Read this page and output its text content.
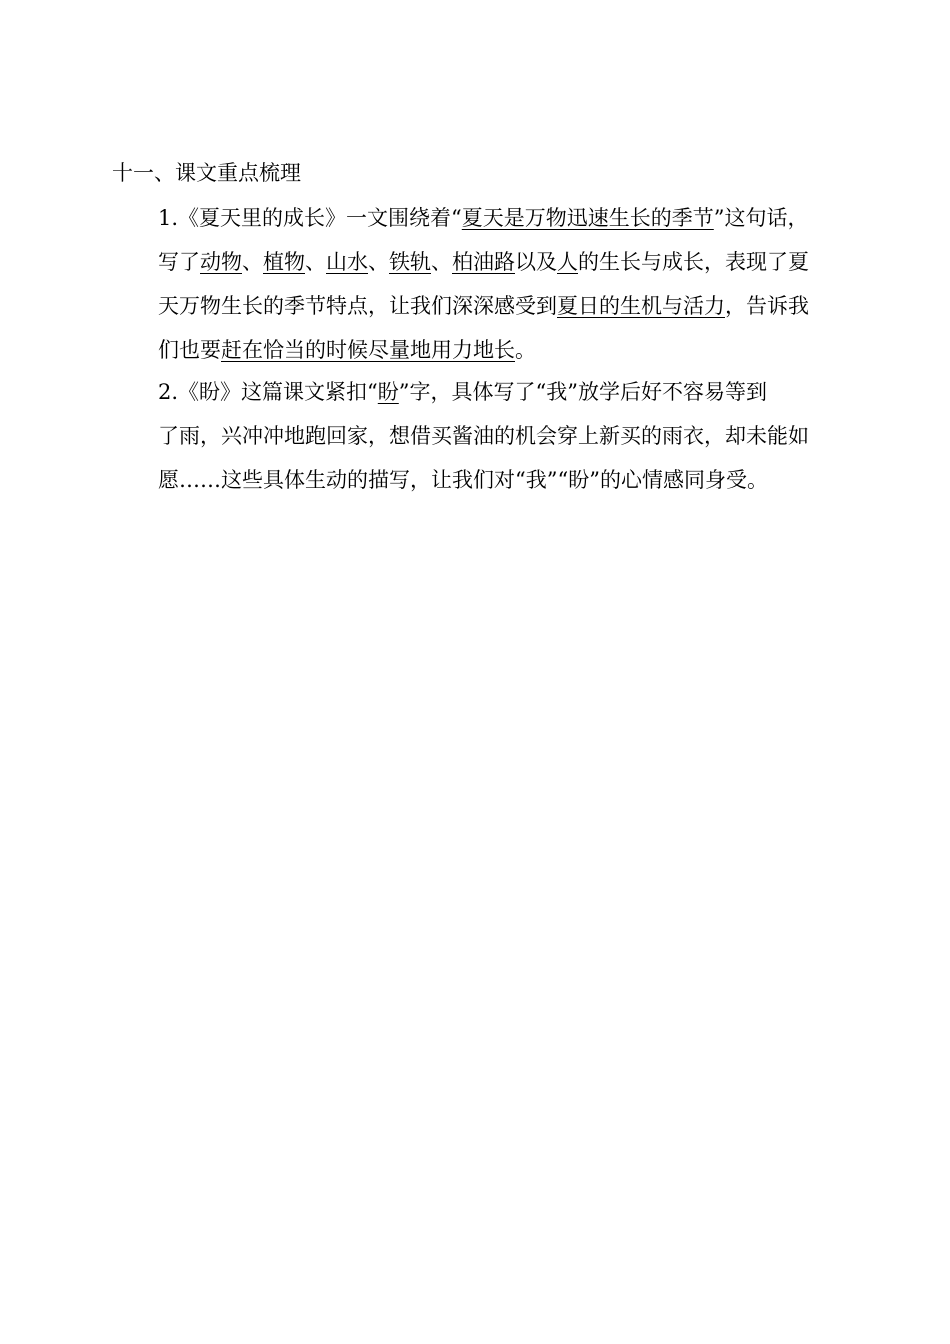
十一、课文重点梳理
1.《夏天里的成长》一文围绕着“夏天是万物迅速生长的季节”这句话，
写了动物、植物、山水、铁轨、柏油路以及人的生长与成长，表现了夏
天万物生长的季节特点，让我们深深感受到夏日的生机与活力，告诉我
们也要赶在恰当的时候尽量地用力地长。
2.《盼》这篇课文紧扣“盼”字，具体写了“我”放学后好不容易等到
了雨，兴冲冲地跑回家，想借买酱油的机会穿上新买的雨衣，却未能如
愿……这些具体生动的描写，让我们对“我”“盼”的心情感同身受。
